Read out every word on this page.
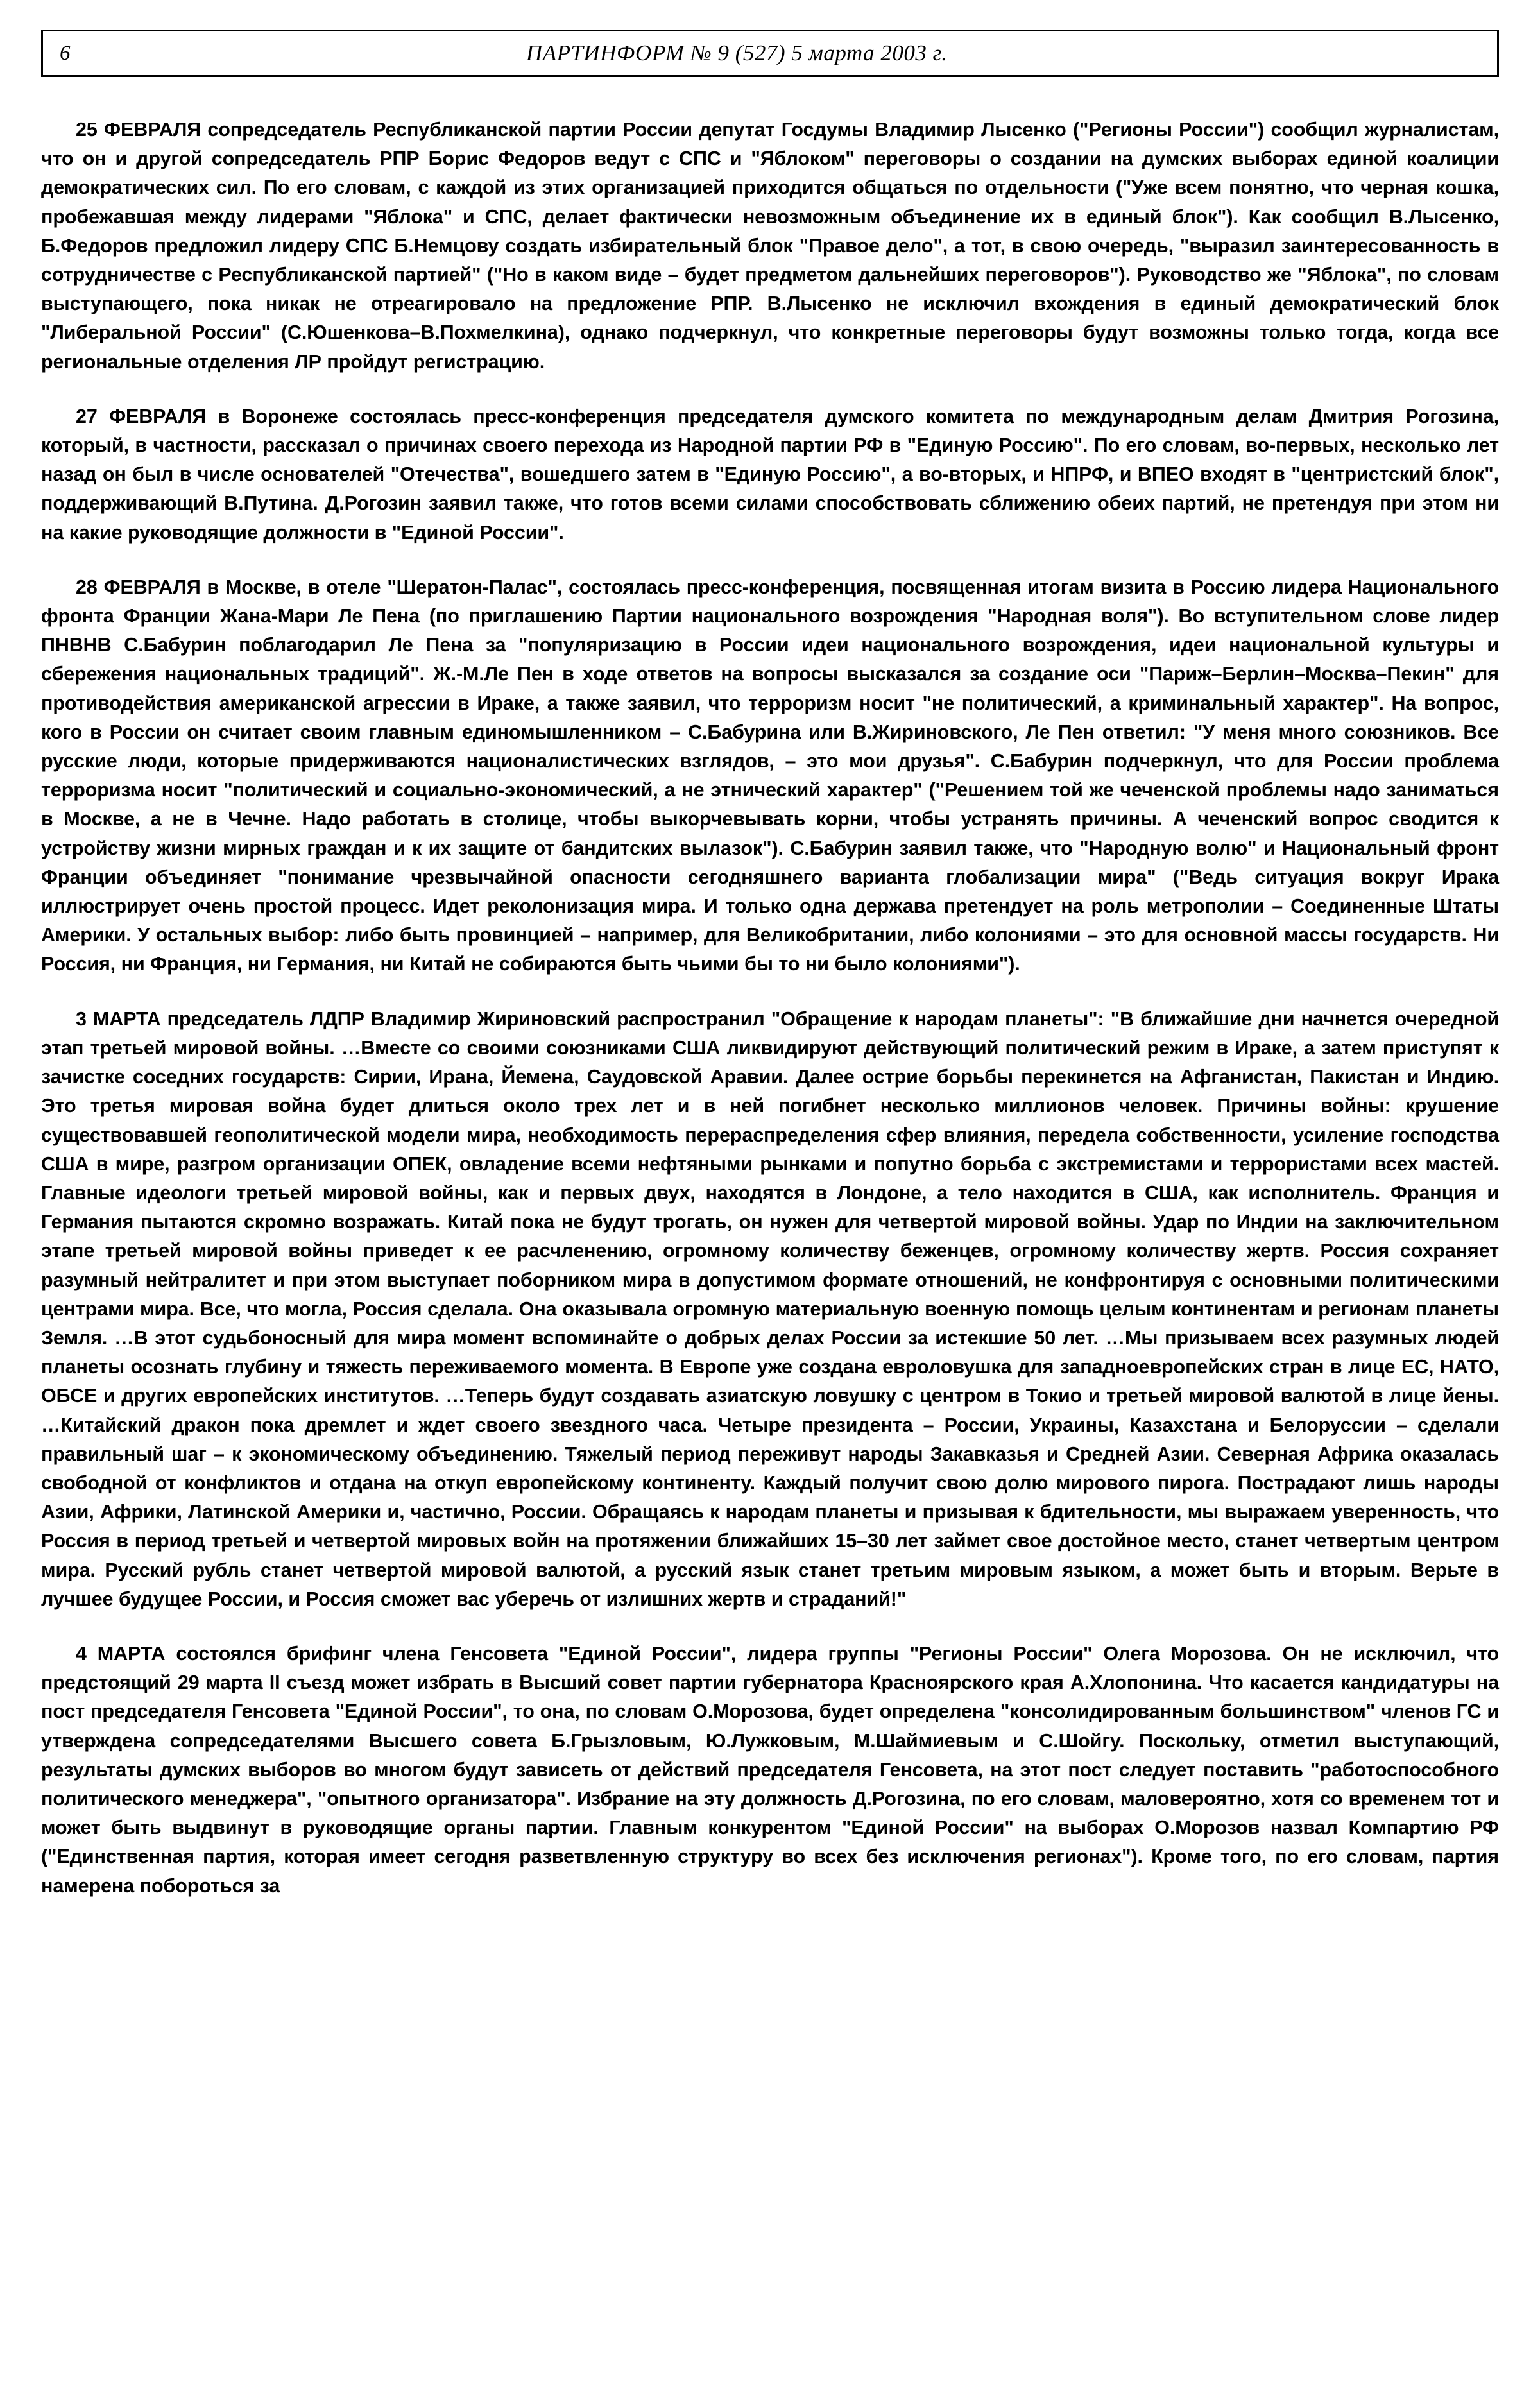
6	ПАРТИНФОРМ № 9 (527) 5 марта 2003 г.

25 ФЕВРАЛЯ сопредседатель Республиканской партии России депутат Госдумы Владимир Лысенко ("Регионы России") сообщил журналистам, что он и другой сопредседатель РПР Борис Федоров ведут с СПС и "Яблоком" переговоры о создании на думских выборах единой коалиции демократических сил. По его словам, с каждой из этих организацией приходится общаться по отдельности ("Уже всем понятно, что черная кошка, пробежавшая между лидерами "Яблока" и СПС, делает фактически невозможным объединение их в единый блок"). Как сообщил В.Лысенко, Б.Федоров предложил лидеру СПС Б.Немцову создать избирательный блок "Правое дело", а тот, в свою очередь, "выразил заинтересованность в сотрудничестве с Республиканской партией" ("Но в каком виде – будет предметом дальнейших переговоров"). Руководство же "Яблока", по словам выступающего, пока никак не отреагировало на предложение РПР. В.Лысенко не исключил вхождения в единый демократический блок "Либеральной России" (С.Юшенкова–В.Похмелкина), однако подчеркнул, что конкретные переговоры будут возможны только тогда, когда все региональные отделения ЛР пройдут регистрацию.

27 ФЕВРАЛЯ в Воронеже состоялась пресс-конференция председателя думского комитета по международным делам Дмитрия Рогозина, который, в частности, рассказал о причинах своего перехода из Народной партии РФ в "Единую Россию". По его словам, во-первых, несколько лет назад он был в числе основателей "Отечества", вошедшего затем в "Единую Россию", а во-вторых, и НПРФ, и ВПЕО входят в "центристский блок", поддерживающий В.Путина. Д.Рогозин заявил также, что готов всеми силами способствовать сближению обеих партий, не претендуя при этом ни на какие руководящие должности в "Единой России".

28 ФЕВРАЛЯ в Москве, в отеле "Шератон-Палас", состоялась пресс-конференция, посвященная итогам визита в Россию лидера Национального фронта Франции Жана-Мари Ле Пена (по приглашению Партии национального возрождения "Народная воля"). Во вступительном слове лидер ПНВНВ С.Бабурин поблагодарил Ле Пена за "популяризацию в России идеи национального возрождения, идеи национальной культуры и сбережения национальных традиций". Ж.-М.Ле Пен в ходе ответов на вопросы высказался за создание оси "Париж–Берлин–Москва–Пекин" для противодействия американской агрессии в Ираке, а также заявил, что терроризм носит "не политический, а криминальный характер". На вопрос, кого в России он считает своим главным единомышленником – С.Бабурина или В.Жириновского, Ле Пен ответил: "У меня много союзников. Все русские люди, которые придерживаются националистических взглядов, – это мои друзья". С.Бабурин подчеркнул, что для России проблема терроризма носит "политический и социально-экономический, а не этнический характер" ("Решением той же чеченской проблемы надо заниматься в Москве, а не в Чечне. Надо работать в столице, чтобы выкорчевывать корни, чтобы устранять причины. А чеченский вопрос сводится к устройству жизни мирных граждан и к их защите от бандитских вылазок"). С.Бабурин заявил также, что "Народную волю" и Национальный фронт Франции объединяет "понимание чрезвычайной опасности сегодняшнего варианта глобализации мира" ("Ведь ситуация вокруг Ирака иллюстрирует очень простой процесс. Идет реколонизация мира. И только одна держава претендует на роль метрополии – Соединенные Штаты Америки. У остальных выбор: либо быть провинцией – например, для Великобритании, либо колониями – это для основной массы государств. Ни Россия, ни Франция, ни Германия, ни Китай не собираются быть чьими бы то ни было колониями").

3 МАРТА председатель ЛДПР Владимир Жириновский распространил "Обращение к народам планеты": "В ближайшие дни начнется очередной этап третьей мировой войны. …Вместе со своими союзниками США ликвидируют действующий политический режим в Ираке, а затем приступят к зачистке соседних государств: Сирии, Ирана, Йемена, Саудовской Аравии. Далее острие борьбы перекинется на Афганистан, Пакистан и Индию. Это третья мировая война будет длиться около трех лет и в ней погибнет несколько миллионов человек. Причины войны: крушение существовавшей геополитической модели мира, необходимость перераспределения сфер влияния, передела собственности, усиление господства США в мире, разгром организации ОПЕК, овладение всеми нефтяными рынками и попутно борьба с экстремистами и террористами всех мастей. Главные идеологи третьей мировой войны, как и первых двух, находятся в Лондоне, а тело находится в США, как исполнитель. Франция и Германия пытаются скромно возражать. Китай пока не будут трогать, он нужен для четвертой мировой войны. Удар по Индии на заключительном этапе третьей мировой войны приведет к ее расчленению, огромному количеству беженцев, огромному количеству жертв. Россия сохраняет разумный нейтралитет и при этом выступает поборником мира в допустимом формате отношений, не конфронтируя с основными политическими центрами мира. Все, что могла, Россия сделала. Она оказывала огромную материальную военную помощь целым континентам и регионам планеты Земля. …В этот судьбоносный для мира момент вспоминайте о добрых делах России за истекшие 50 лет. …Мы призываем всех разумных людей планеты осознать глубину и тяжесть переживаемого момента. В Европе уже создана евроловушка для западноевропейских стран в лице ЕС, НАТО, ОБСЕ и других европейских институтов. …Теперь будут создавать азиатскую ловушку с центром в Токио и третьей мировой валютой в лице йены. …Китайский дракон пока дремлет и ждет своего звездного часа. Четыре президента – России, Украины, Казахстана и Белоруссии – сделали правильный шаг – к экономическому объединению. Тяжелый период переживут народы Закавказья и Средней Азии. Северная Африка оказалась свободной от конфликтов и отдана на откуп европейскому континенту. Каждый получит свою долю мирового пирога. Пострадают лишь народы Азии, Африки, Латинской Америки и, частично, России. Обращаясь к народам планеты и призывая к бдительности, мы выражаем уверенность, что Россия в период третьей и четвертой мировых войн на протяжении ближайших 15–30 лет займет свое достойное место, станет четвертым центром мира. Русский рубль станет четвертой мировой валютой, а русский язык станет третьим мировым языком, а может быть и вторым. Верьте в лучшее будущее России, и Россия сможет вас уберечь от излишних жертв и страданий!"

4 МАРТА состоялся брифинг члена Генсовета "Единой России", лидера группы "Регионы России" Олега Морозова. Он не исключил, что предстоящий 29 марта II съезд может избрать в Высший совет партии губернатора Красноярского края А.Хлопонина. Что касается кандидатуры на пост председателя Генсовета "Единой России", то она, по словам О.Морозова, будет определена "консолидированным большинством" членов ГС и утверждена сопредседателями Высшего совета Б.Грызловым, Ю.Лужковым, М.Шаймиевым и С.Шойгу. Поскольку, отметил выступающий, результаты думских выборов во многом будут зависеть от действий председателя Генсовета, на этот пост следует поставить "работоспособного политического менеджера", "опытного организатора". Избрание на эту должность Д.Рогозина, по его словам, маловероятно, хотя со временем тот и может быть выдвинут в руководящие органы партии. Главным конкурентом "Единой России" на выборах О.Морозов назвал Компартию РФ ("Единственная партия, которая имеет сегодня разветвленную структуру во всех без исключения регионах"). Кроме того, по его словам, партия намерена побороться за
